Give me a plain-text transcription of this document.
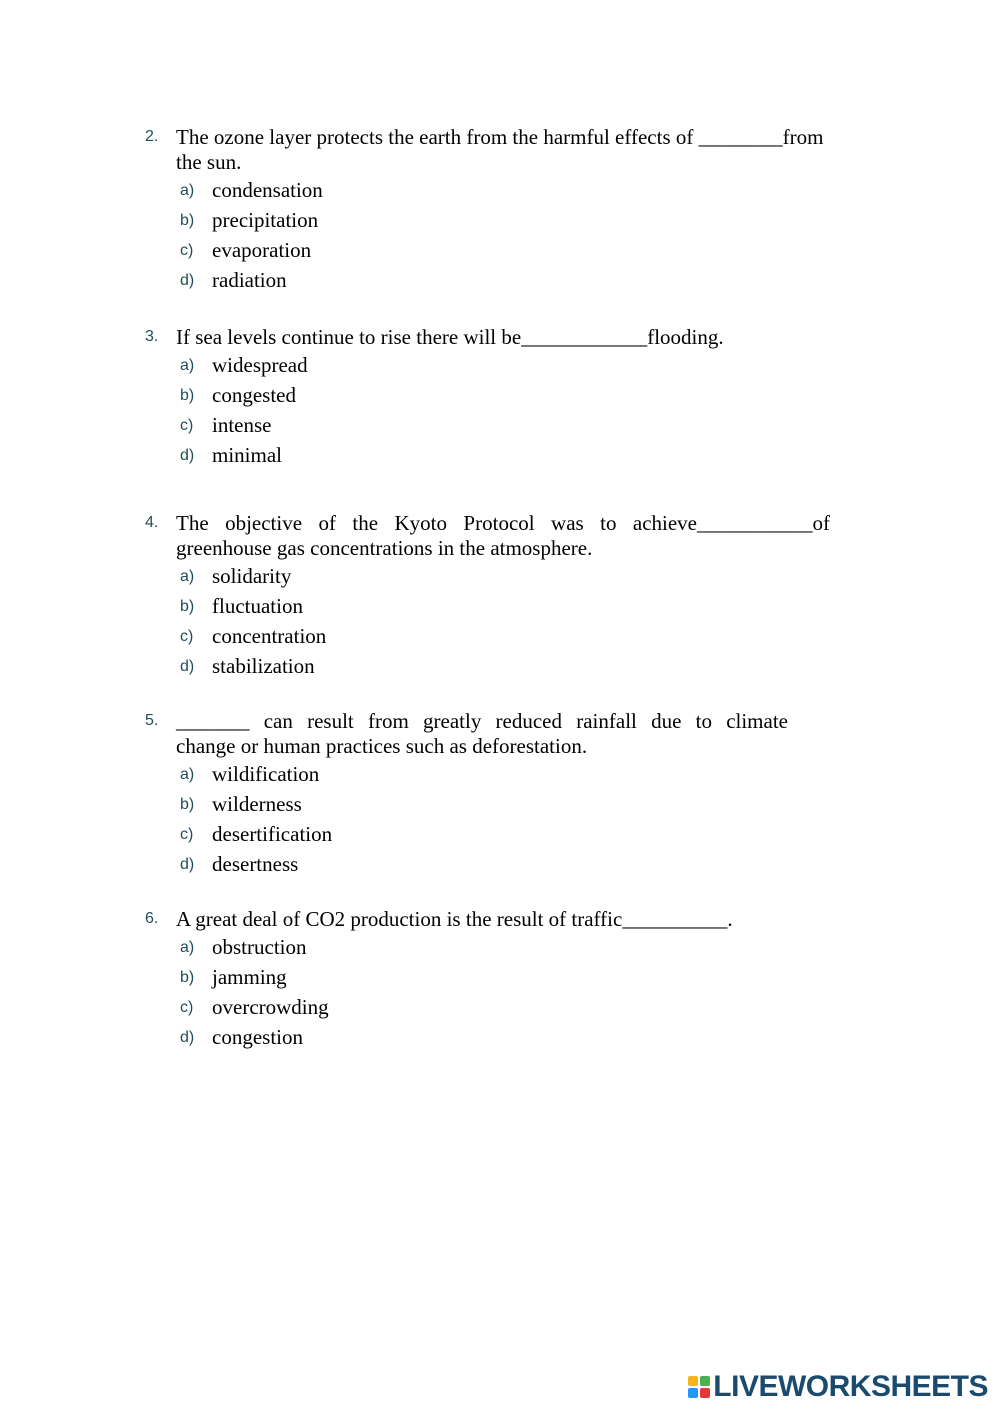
2. The ozone layer protects the earth from the harmful effects of ________from
the sun.
a) condensation
b) precipitation
c) evaporation
d) radiation
3. If sea levels continue to rise there will be____________flooding.
a) widespread
b) congested
c) intense
d) minimal
4. The objective of the Kyoto Protocol was to achieve___________of
greenhouse gas concentrations in the atmosphere.
a) solidarity
b) fluctuation
c) concentration
d) stabilization
5. _______ can result from greatly reduced rainfall due to climate
change or human practices such as deforestation.
a) wildification
b) wilderness
c) desertification
d) desertness
6. A great deal of CO2 production is the result of traffic__________.
a) obstruction
b) jamming
c) overcrowding
d) congestion
LIVEWORKSHEETS
